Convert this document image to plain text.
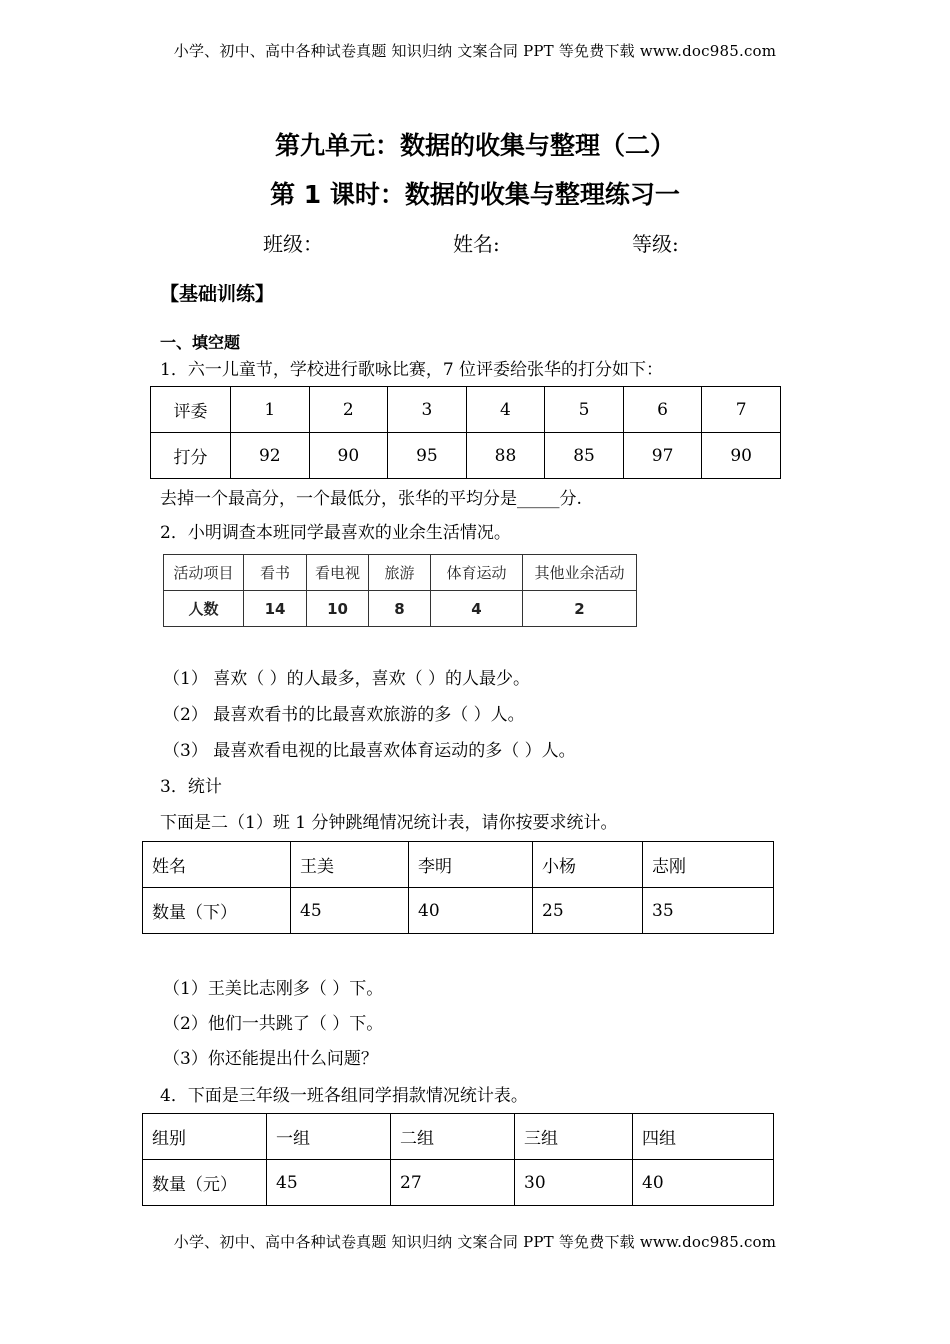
小学、初中、高中各种试卷真题 知识归纳 文案合同 PPT 等免费下载 www.doc985.com
第九单元：数据的收集与整理（二）
第 1 课时：数据的收集与整理练习一
班级：	姓名:	等级:
【基础训练】
一、填空题
1．六一儿童节，学校进行歌咏比赛，7 位评委给张华的打分如下：
评委	1	2	3	4	5	6	7
打分	92	90	95	88	85	97	90
去掉一个最高分，一个最低分，张华的平均分是_____分.
2．小明调查本班同学最喜欢的业余生活情况。
活动项目	看书	看电视	旅游	体育运动	其他业余活动
人数	14	10	8	4	2
（1） 喜欢（ ）的人最多，喜欢（ ）的人最少。
（2） 最喜欢看书的比最喜欢旅游的多（ ）人。
（3） 最喜欢看电视的比最喜欢体育运动的多（ ）人。
3．统计
下面是二（1）班 1 分钟跳绳情况统计表，请你按要求统计。
姓名	王美	李明	小杨	志刚
数量（下）	45	40	25	35
（1）王美比志刚多（ ）下。
（2）他们一共跳了（ ）下。
（3）你还能提出什么问题？
4．下面是三年级一班各组同学捐款情况统计表。
组别	一组	二组	三组	四组
数量（元）	45	27	30	40
小学、初中、高中各种试卷真题 知识归纳 文案合同 PPT 等免费下载 www.doc985.com
